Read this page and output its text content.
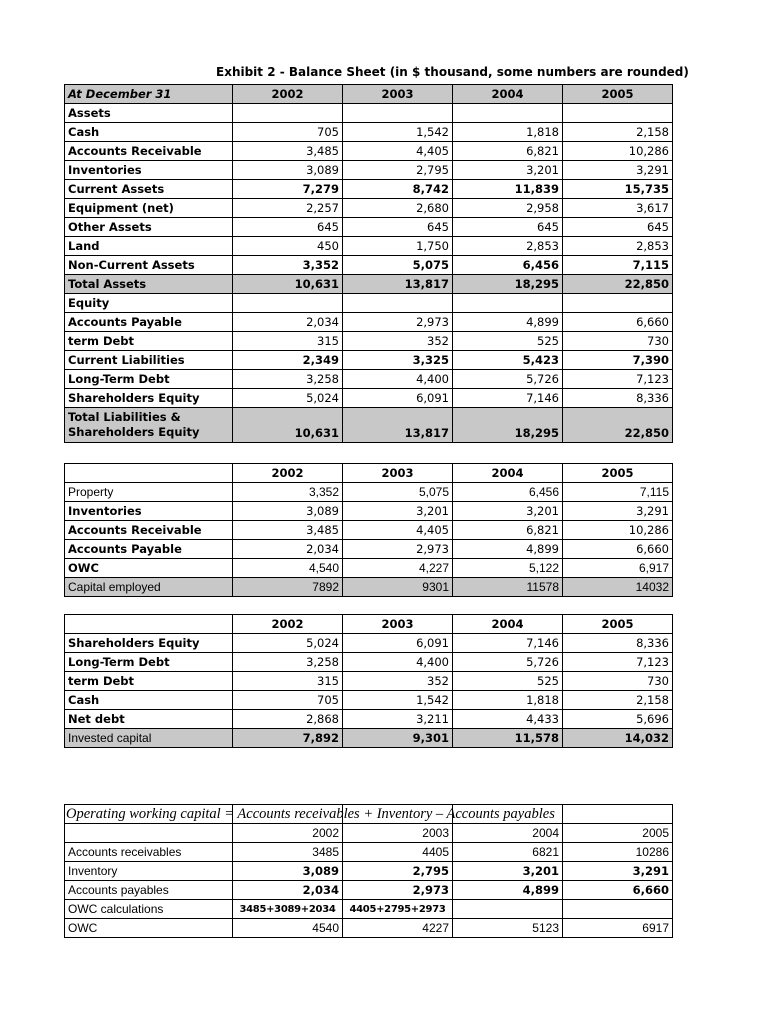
Exhibit 2 - Balance Sheet (in $ thousand, some numbers are rounded)
At December 31	2002	2003	2004	2005
Assets				
Cash	705	1,542	1,818	2,158
Accounts Receivable	3,485	4,405	6,821	10,286
Inventories	3,089	2,795	3,201	3,291
Current Assets	7,279	8,742	11,839	15,735
Equipment (net)	2,257	2,680	2,958	3,617
Other Assets	645	645	645	645
Land	450	1,750	2,853	2,853
Non-Current Assets	3,352	5,075	6,456	7,115
Total Assets	10,631	13,817	18,295	22,850
Equity				
Accounts Payable	2,034	2,973	4,899	6,660
term Debt	315	352	525	730
Current Liabilities	2,349	3,325	5,423	7,390
Long-Term Debt	3,258	4,400	5,726	7,123
Shareholders Equity	5,024	6,091	7,146	8,336
Total Liabilities & Shareholders Equity	10,631	13,817	18,295	22,850
	2002	2003	2004	2005
Property	3,352	5,075	6,456	7,115
Inventories	3,089	3,201	3,201	3,291
Accounts Receivable	3,485	4,405	6,821	10,286
Accounts Payable	2,034	2,973	4,899	6,660
OWC	4,540	4,227	5,122	6,917
Capital employed	7892	9301	11578	14032
	2002	2003	2004	2005
Shareholders Equity	5,024	6,091	7,146	8,336
Long-Term Debt	3,258	4,400	5,726	7,123
term Debt	315	352	525	730
Cash	705	1,542	1,818	2,158
Net debt	2,868	3,211	4,433	5,696
Invested capital	7,892	9,301	11,578	14,032

	2002	2003	2004	2005
Accounts receivables	3485	4405	6821	10286
Inventory	3,089	2,795	3,201	3,291
Accounts payables	2,034	2,973	4,899	6,660
OWC calculations	3485+3089+2034	4405+2795+2973		
OWC	4540	4227	5123	6917
Operating working capital = Accounts receivables + Inventory – Accounts payables
